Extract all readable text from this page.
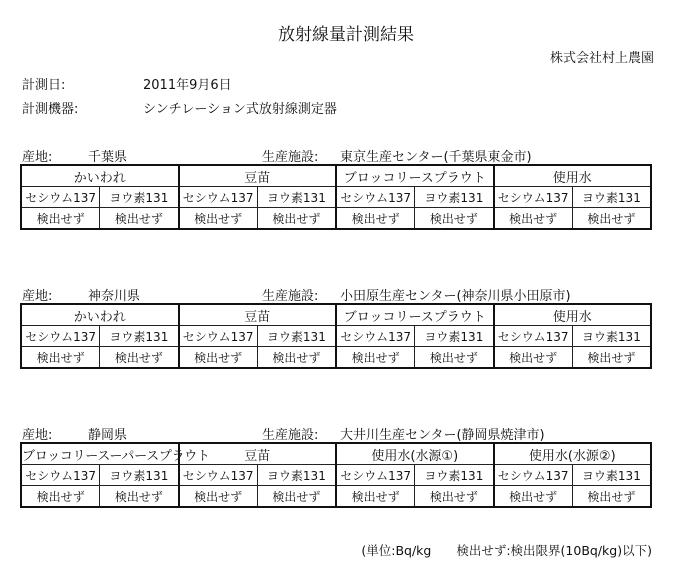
放射線量計測結果
株式会社村上農園
計測日:	2011年9月6日
計測機器:	シンチレーション式放射線測定器
産地:	千葉県	生産施設: 東京生産センター(千葉県東金市)
かいわれ		豆苗		ブロッコリースプラウト		使用水	
セシウム137	ヨウ素131	セシウム137	ヨウ素131	セシウム137	ヨウ素131	セシウム137	ヨウ素131
検出せず	検出せず	検出せず	検出せず	検出せず	検出せず	検出せず	検出せず
産地:	神奈川県	生産施設: 小田原生産センター(神奈川県小田原市)
かいわれ		豆苗		ブロッコリースプラウト		使用水	
セシウム137	ヨウ素131	セシウム137	ヨウ素131	セシウム137	ヨウ素131	セシウム137	ヨウ素131
検出せず	検出せず	検出せず	検出せず	検出せず	検出せず	検出せず	検出せず
産地:	静岡県	生産施設: 大井川生産センター(静岡県焼津市)
ブロッコリースーパースプラウト		豆苗		使用水(水源①)		使用水(水源②)	
セシウム137	ヨウ素131	セシウム137	ヨウ素131	セシウム137	ヨウ素131	セシウム137	ヨウ素131
検出せず	検出せず	検出せず	検出せず	検出せず	検出せず	検出せず	検出せず
(単位:Bq/kg　　検出せず:検出限界(10Bq/kg)以下)
